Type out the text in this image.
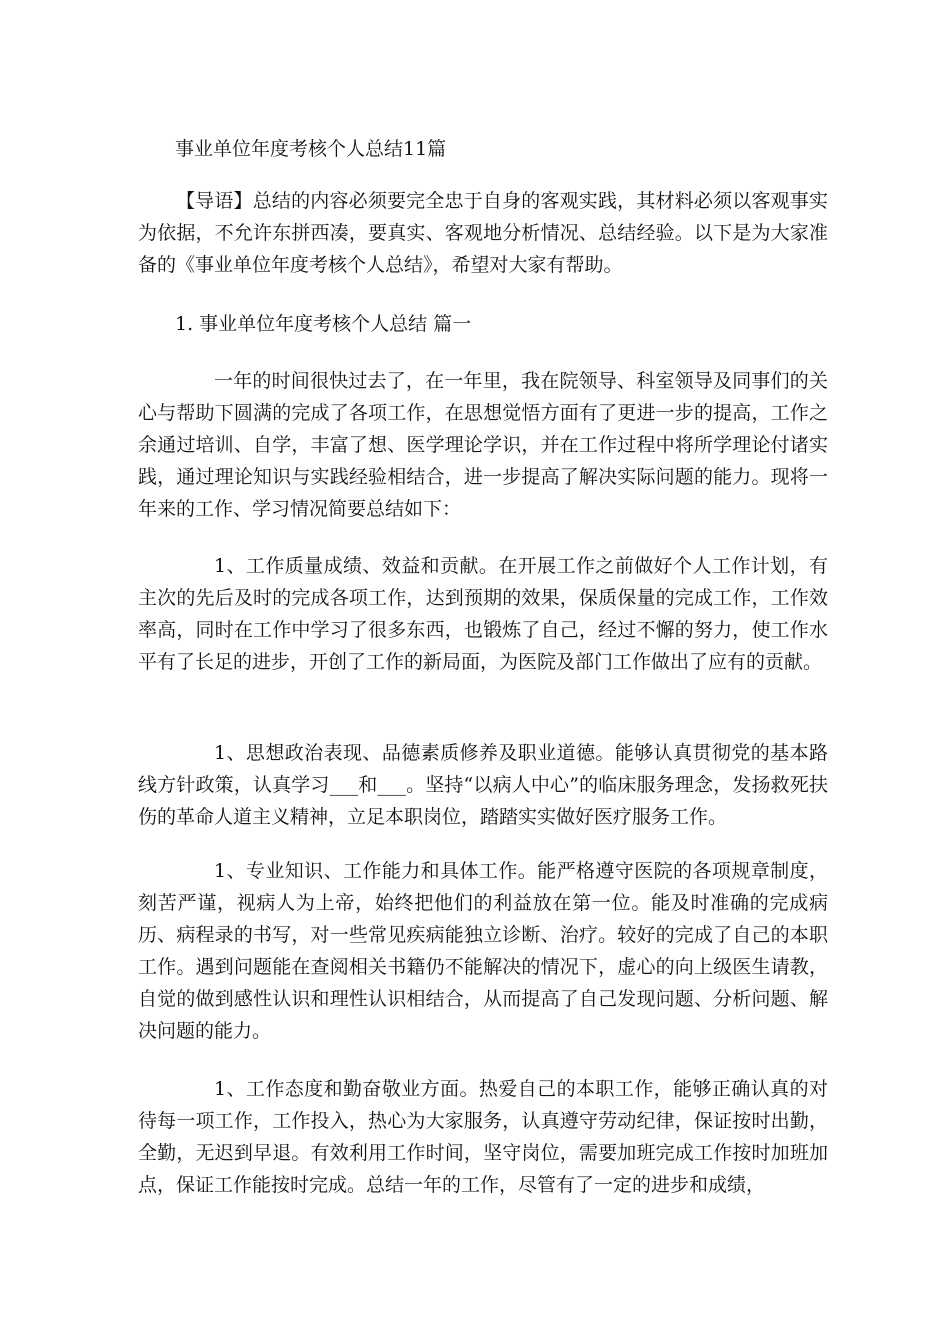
事业单位年度考核个人总结11篇
【导语】总结的内容必须要完全忠于自身的客观实践，其材料必须以客观事实为依据，不允许东拼西凑，要真实、客观地分析情况、总结经验。以下是为大家准备的《事业单位年度考核个人总结》，希望对大家有帮助。
1. 事业单位年度考核个人总结 篇一
一年的时间很快过去了，在一年里，我在院领导、科室领导及同事们的关心与帮助下圆满的完成了各项工作，在思想觉悟方面有了更进一步的提高，工作之余通过培训、自学，丰富了想、医学理论学识，并在工作过程中将所学理论付诸实践，通过理论知识与实践经验相结合，进一步提高了解决实际问题的能力。现将一年来的工作、学习情况简要总结如下：
1、工作质量成绩、效益和贡献。在开展工作之前做好个人工作计划，有主次的先后及时的完成各项工作，达到预期的效果，保质保量的完成工作，工作效率高，同时在工作中学习了很多东西，也锻炼了自己，经过不懈的努力，使工作水平有了长足的进步，开创了工作的新局面，为医院及部门工作做出了应有的贡献。
1、思想政治表现、品德素质修养及职业道德。能够认真贯彻党的基本路线方针政策，认真学习___和___。坚持“以病人中心”的临床服务理念，发扬救死扶伤的革命人道主义精神，立足本职岗位，踏踏实实做好医疗服务工作。
1、专业知识、工作能力和具体工作。能严格遵守医院的各项规章制度，刻苦严谨，视病人为上帝，始终把他们的利益放在第一位。能及时准确的完成病历、病程录的书写，对一些常见疾病能独立诊断、治疗。较好的完成了自己的本职工作。遇到问题能在查阅相关书籍仍不能解决的情况下，虚心的向上级医生请教，自觉的做到感性认识和理性认识相结合，从而提高了自己发现问题、分析问题、解决问题的能力。
1、工作态度和勤奋敬业方面。热爱自己的本职工作，能够正确认真的对待每一项工作，工作投入，热心为大家服务，认真遵守劳动纪律，保证按时出勤，全勤，无迟到早退。有效利用工作时间，坚守岗位，需要加班完成工作按时加班加点，保证工作能按时完成。总结一年的工作，尽管有了一定的进步和成绩，
